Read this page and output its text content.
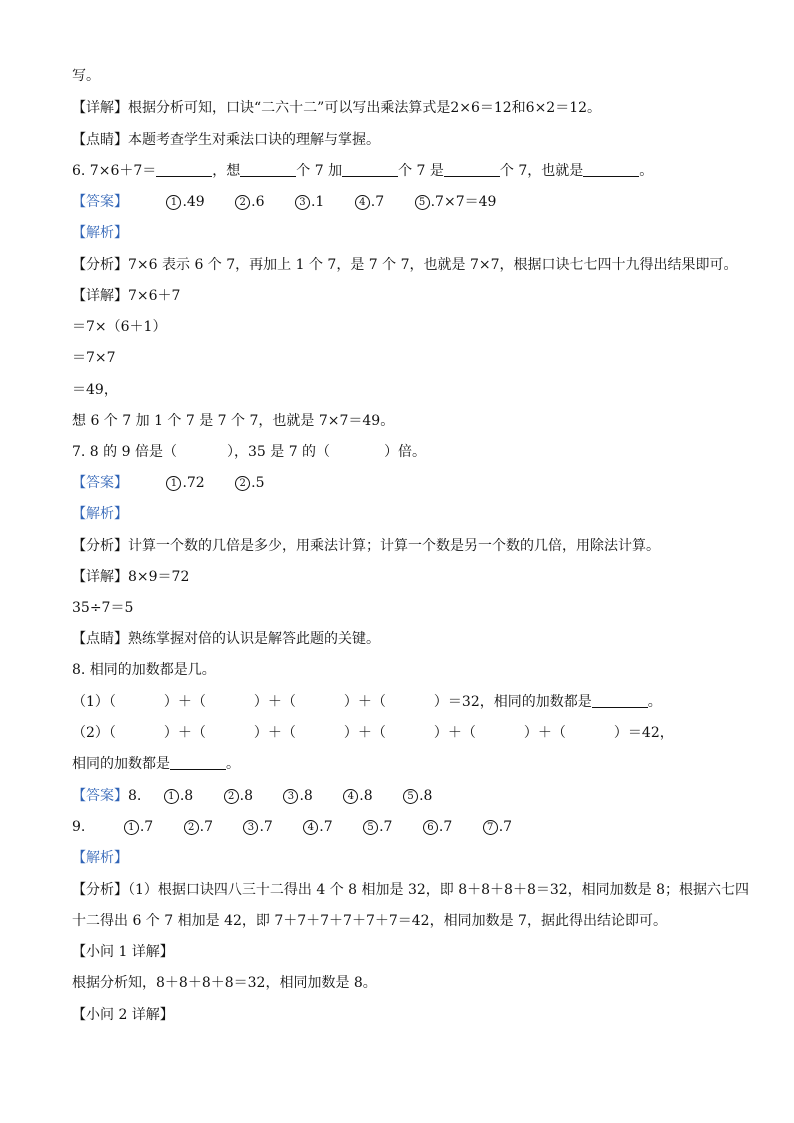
写。
【详解】根据分析可知，口诀“二六十二”可以写出乘法算式是2×6＝12和6×2＝12。
【点睛】本题考查学生对乘法口诀的理解与掌握。
6. 7×6＋7＝	，想	个 7 加	个 7 是	个 7，也就是	。
【答案】	1 .49	2 .6	3 .1	4 .7	5 .7×7＝49
【解析】
【分析】7×6 表示 6 个 7，再加上 1 个 7，是 7 个 7，也就是 7×7，根据口诀七七四十九得出结果即可。
【详解】7×6＋7
＝7×（6＋1）
＝7×7
＝49，
想 6 个 7 加 1 个 7 是 7 个 7，也就是 7×7＝49。
7. 8 的 9 倍是（	），35 是 7 的（	）倍。
【答案】	1 .72	2 .5
【解析】
【分析】计算一个数的几倍是多少，用乘法计算；计算一个数是另一个数的几倍，用除法计算。
【详解】8×9＝72
35÷7＝5
【点睛】熟练掌握对倍的认识是解答此题的关键。
8. 相同的加数都是几。
（1）（	）＋（	）＋（	）＋（	）＝32，相同的加数都是	。
（2）（	）＋（	）＋（	）＋（	）＋（	）＋（	）＝42，
相同的加数都是	。
【答案】8.	1 .8	2 .8	3 .8	4 .8	5 .8
9.	1 .7	2 .7	3 .7	4 .7	5 .7	6 .7	7 .7
【解析】
【分析】（1）根据口诀四八三十二得出 4 个 8 相加是 32，即 8＋8＋8＋8＝32，相同加数是 8；根据六七四
十二得出 6 个 7 相加是 42，即 7＋7＋7＋7＋7＋7＝42，相同加数是 7，据此得出结论即可。
【小问 1 详解】
根据分析知，8＋8＋8＋8＝32，相同加数是 8。
【小问 2 详解】
